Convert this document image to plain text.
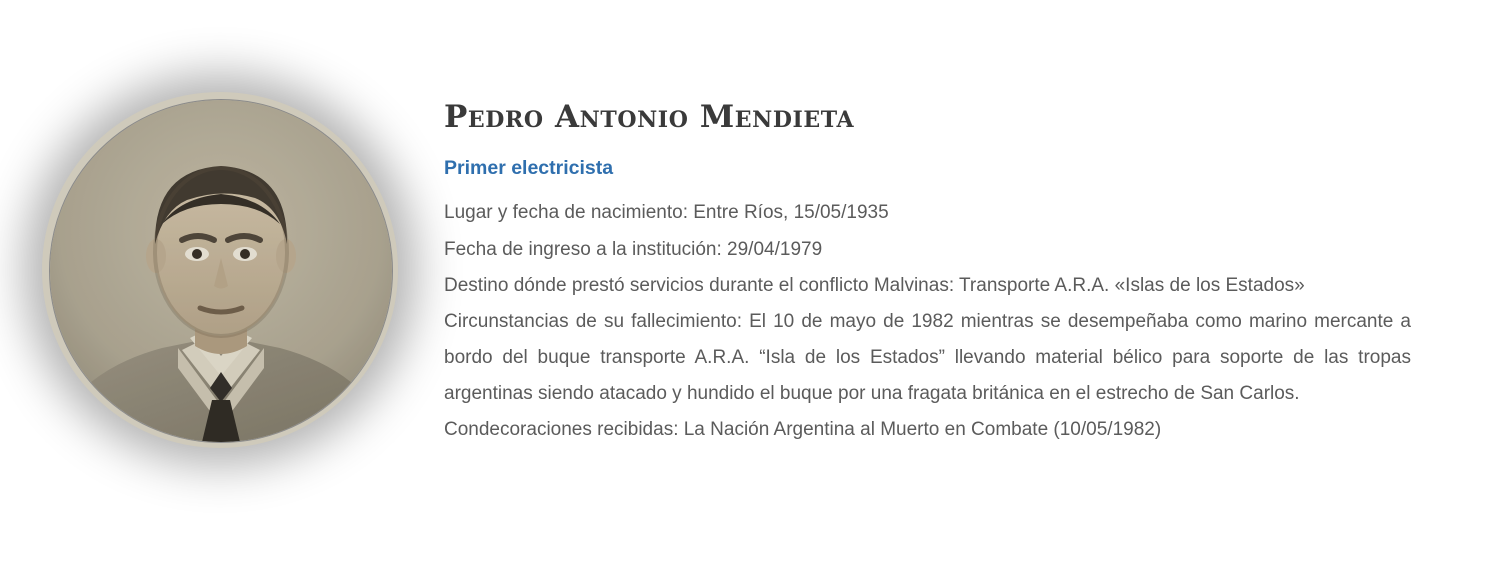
Pedro Antonio Mendieta
Primer electricista

Lugar y fecha de nacimiento: Entre Ríos, 15/05/1935

Fecha de ingreso a la institución: 29/04/1979

Destino dónde prestó servicios durante el conflicto Malvinas: Transporte A.R.A. «Islas de los Estados»

Circunstancias de su fallecimiento: El 10 de mayo de 1982 mientras se desempeñaba como marino mercante a bordo del buque transporte A.R.A. “Isla de los Estados” llevando material bélico para soporte de las tropas argentinas siendo atacado y hundido el buque por una fragata británica en el estrecho de San Carlos.

Condecoraciones recibidas: La Nación Argentina al Muerto en Combate (10/05/1982)
